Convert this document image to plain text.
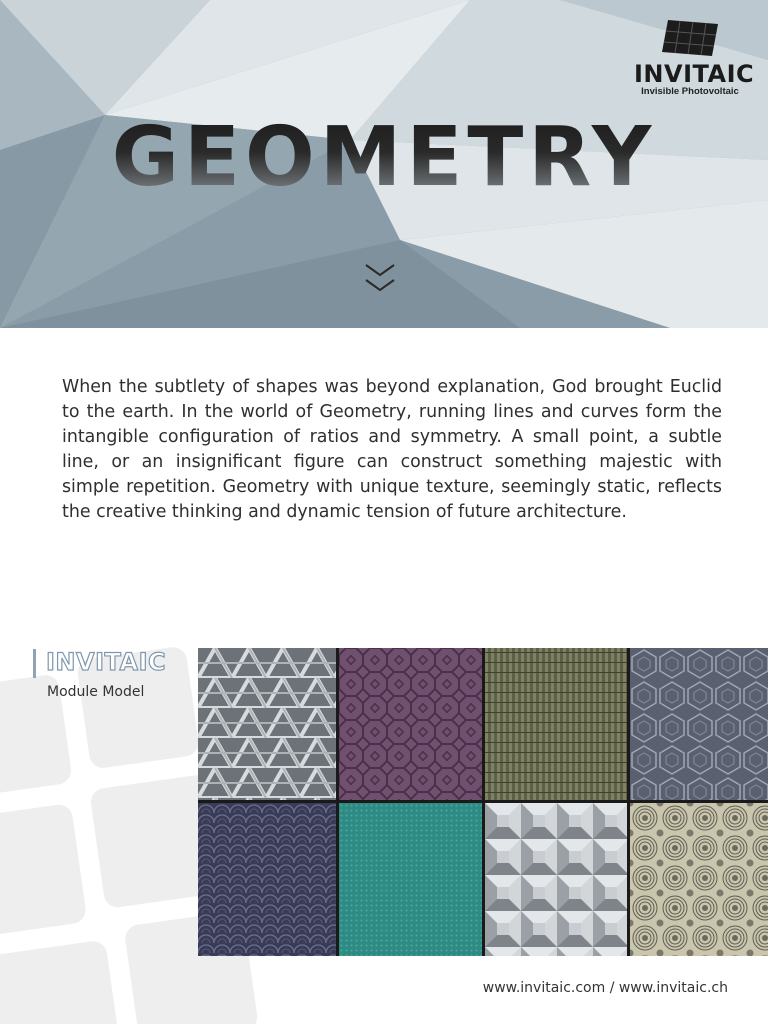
INVITAIC
Invisible Photovoltaic
GEOMETRY

When the subtlety of shapes was beyond explanation, God brought Euclid to the earth. In the world of Geometry, running lines and curves form the intangible configuration of ratios and symmetry. A small point, a subtle line, or an insignificant figure can construct something majestic with simple repetition. Geometry with unique texture, seemingly static, reflects the creative thinking and dynamic tension of future architecture.

INVITAIC
Module Model
www.invitaic.com / www.invitaic.ch
